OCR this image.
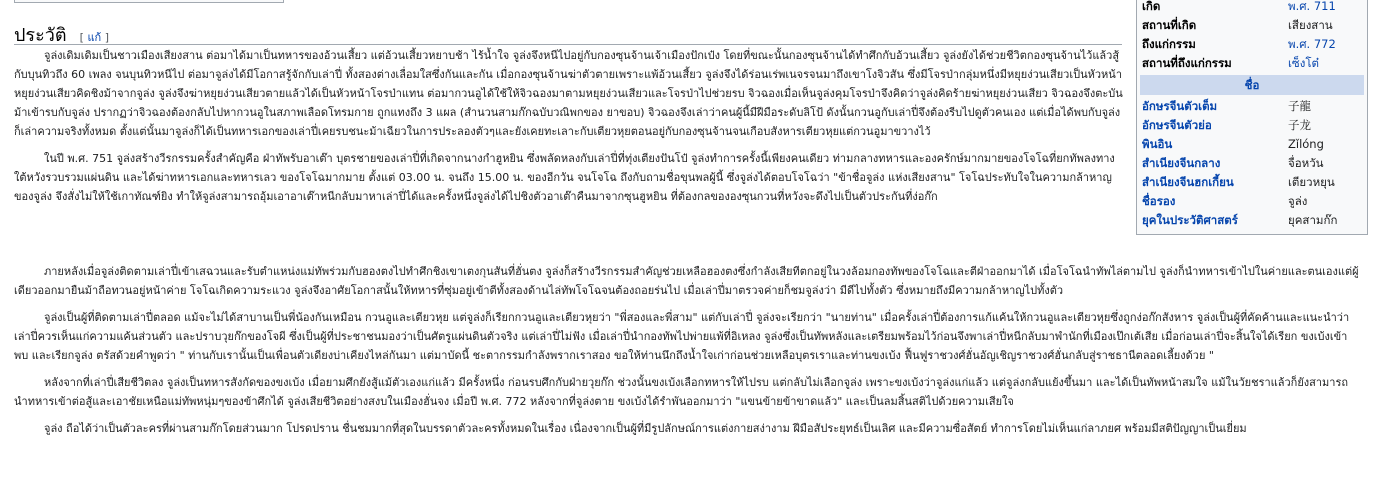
ประวัติ [ แก้ ]
เกิด	พ.ศ. 711
สถานที่เกิด	เสียงสาน
ถึงแก่กรรม	พ.ศ. 772
สถานที่ถึงแก่กรรม	เซ็งโต๋
ชื่อ
อักษรจีนตัวเต็ม	子龍
อักษรจีนตัวย่อ	子龙
พินอิน	Zǐlóng
สำเนียงจีนกลาง	จื่อหวัน
สำเนียงจีนฮกเกี้ยน	เตียวหยุน
ชื่อรอง	จูล่ง
ยุคในประวัติศาสตร์	ยุคสามก๊ก

จูล่งเดิมเดิมเป็นชาวเมืองเสียงสาน ต่อมาได้มาเป็นทหารของอ้วนเสี้ยว แต่อ้วนเสี้ยวหยาบช้า ไร้น้ำใจ จูล่งจึงหนีไปอยู่กับกองซุนจ้านเจ้าเมืองปักเป๋ง โดยที่ขณะนั้นกองซุนจ้านได้ทำศึกกับอ้วนเสี้ยว จูล่งยังได้ช่วยชีวิตกองซุนจ้านไว้แล้วสู้กับบุนทิวถึง 60 เพลง จนบุนทิวหนีไป ต่อมาจูล่งได้มีโอกาสรู้จักกับเล่าปี่ ทั้งสองต่างเลื่อมใสซึ่งกันและกัน เมื่อกองซุนจ้านฆ่าตัวตายเพราะแพ้อ้วนเสี้ยว จูล่งจึงได้ร่อนเร่พเนจรจนมาถึงเขาโงจิวสัน ซึ่งมีโจรป่ากลุ่มหนึ่งมีหยุยง่วนเสียวเป็นหัวหน้า หยุยง่วนเสียวคิดชิงม้าจากจูล่ง จูล่งจึงฆ่าหยุยง่วนเสียวตายแล้วได้เป็นหัวหน้าโจรป่าแทน ต่อมากวนอูได้ใช้ให้จิวฉองมาตามหยุยง่วนเสียวและโจรป่าไปช่วยรบ จิวฉองเมื่อเห็นจูล่งคุมโจรป่าจึงคิดว่าจูล่งคิดร้ายฆ่าหยุยง่วนเสียว จิวฉองจึงตะบันม้าเข้ารบกับจูล่ง ปรากฏว่าจิวฉองต้องกลับไปหากวนอูในสภาพเลือดโทรมกาย ถูกแทงถึง 3 แผล (สำนวนสามก๊กฉบับวณิพกของ ยาขอบ) จิวฉองจึงเล่าว่าคนผู้นี้มีฝีมือระดับลิโป้ ดังนั้นกวนอูกับเล่าปี่จึงต้องรีบไปดูตัวคนเอง แต่เมื่อได้พบกับจูล่งก็เล่าความจริงทั้งหมด ตั้งแต่นั้นมาจูล่งก็ได้เป็นทหารเอกของเล่าปี่เคยรบชนะม้าเฉียวในการประลองตัวๆและยังเคยทะเลาะกับเตียวหุยตอนอยู่กับกองซุนจ้านจนเกือบสังหารเตียวหุยแต่กวนอูมาขวางไว้

ในปี พ.ศ. 751 จูล่งสร้างวีรกรรมครั้งสำคัญคือ ฝ่าทัพรับอาเต๊า บุตรชายของเล่าปี่ที่เกิดจากนางกำฮูหยิน ซึ่งพลัดหลงกับเล่าปี่ที่ทุ่งเตียงปันโป๋ จูล่งทำการครั้งนี้เพียงคนเดียว ท่ามกลางทหารและองครักษ์มากมายของโจโฉที่ยกทัพลงทางใต้หวังรวบรวมแผ่นดิน และได้ฆ่าทหารเอกและทหารเลว ของโจโฉมากมาย ตั้งแต่ 03.00 น. จนถึง 15.00 น. ของอีกวัน จนโจโฉ ถึงกับถามชื่อขุนพลผู้นี้ ซึ่งจูล่งได้ตอบโจโฉว่า "ข้าชื่อจูล่ง แห่งเสียงสาน" โจโฉประทับใจในความกล้าหาญของจูล่ง จึงสั่งไม่ให้ใช้เกาทัณฑ์ยิง ทำให้จูล่งสามารถอุ้มเอาอาเต๊าหนีกลับมาหาเล่าปี่ได้และครั้งหนึ่งจูล่งได้ไปชิงตัวอาเต๊าคืนมาจากซุนฮูหยิน ที่ต้องกลขององซุนกวนที่หวังจะดึงไปเป็นตัวประกันที่ง่อก๊ก

ภายหลังเมื่อจูล่งติดตามเล่าปี่เข้าเสฉวนและรับตำแหน่งแม่ทัพร่วมกับฮองตงไปทำศึกชิงเขาเตงกุนสันที่ฮั่นตง จูล่งก็สร้างวีรกรรมสำคัญช่วยเหลือฮองตงซึ่งกำลังเสียทีตกอยู่ในวงล้อมกองทัพของโจโฉและตีฝ่าออกมาได้ เมื่อโจโฉนำทัพไล่ตามไป จูล่งก็นำทหารเข้าไปในค่ายและตนเองแต่ผู้เดียวออกมายืนม้าถือทวนอยู่หน้าค่าย โจโฉเกิดความระแวง จูล่งจึงอาศัยโอกาสนั้นให้ทหารที่ซุ่มอยู่เข้าตีทั้งสองด้านไล่ทัพโจโฉจนต้องถอยร่นไป เมื่อเล่าปี่มาตรวจค่ายก็ชมจูล่งว่า มีดีไปทั้งตัว ซึ่งหมายถึงมีความกล้าหาญไปทั้งตัว

จูล่งเป็นผู้ที่ติดตามเล่าปี่ตลอด แม้จะไม่ได้สาบานเป็นพี่น้องกันเหมือน กวนอูและเตียวหุย แต่จูล่งก็เรียกกวนอูและเตียวหุยว่า "พี่สองและพี่สาม" แต่กับเล่าปี่ จูล่งจะเรียกว่า "นายท่าน" เมื่อครั้งเล่าปี่ต้องการแก้แค้นให้กวนอูและเตียวหุยซึ่งถูกง่อก๊กสังหาร จูล่งเป็นผู้ที่คัดค้านและแนะนำว่าเล่าปี่ควรเห็นแก่ความแค้นส่วนตัว และปราบวุยก๊กของโจผี ซึ่งเป็นผู้ที่ประชาชนมองว่าเป็นศัตรูแผ่นดินตัวจริง แต่เล่าปี่ไม่ฟัง เมื่อเล่าปี่นำกองทัพไปพ่ายแพ้ที่อิเหลง จูล่งซึ่งเป็นทัพหลังและเตรียมพร้อมไว้ก่อนจึงพาเล่าปี่หนีกลับมาพำนักที่เมืองเป๊กเต้เสีย เมื่อก่อนเล่าปี่จะสิ้นใจได้เรียก ขงเบ้งเข้าพบ และเรียกจูล่ง ตรัสด้วยคำพูดว่า " ท่านกับเรานั้นเป็นเพื่อนตัวเดียงบ่าเคียงไหล่กันมา แต่มาบัดนี้ ชะตากรรมกำลังพรากเราสอง ขอให้ท่านนึกถึงน้ำใจเก่าก่อนช่วยเหลือบุตรเราและท่านขงเบ้ง ฟื้นฟูราชวงศ์ฮั่นอัญเชิญราชวงศ์ฮั่นกลับสู่ราชธานีตลอดเลี้ยงด้วย "

หลังจากที่เล่าปี่เสียชีวิตลง จูล่งเป็นทหารสังกัดของขงเบ้ง เมื่อยามศึกยังสู้แม้ตัวเองแก่แล้ว มีครั้งหนึ่ง ก่อนรบศึกกับฝ่ายวุยก๊ก ช่วงนั้นขงเบ้งเลือกทหารให้ไปรบ แต่กลับไม่เลือกจูล่ง เพราะขงเบ้งว่าจูล่งแก่แล้ว แต่จูล่งกลับแย้งขึ้นมา และได้เป็นทัพหน้าสมใจ แม้ในวัยชราแล้วก็ยังสามารถนำทหารเข้าต่อสู้และเอาชัยเหนือแม่ทัพหนุ่มๆของข้าศึกได้ จูล่งเสียชีวิตอย่างสงบในเมืองฮั่นจง เมื่อปี พ.ศ. 772 หลังจากที่จูล่งตาย ขงเบ้งได้รำพันออกมาว่า "แขนข้ายข้าขาดแล้ว" และเป็นลมสิ้นสติไปด้วยความเสียใจ

จูล่ง ถือได้ว่าเป็นตัวละครที่ผ่านสามก๊กโดยส่วนมาก โปรดปราน ชื่นชมมากที่สุดในบรรดาตัวละครทั้งหมดในเรื่อง เนื่องจากเป็นผู้ที่มีรูปลักษณ์การแต่งกายสง่างาม ฝีมือสัประยุทธ์เป็นเลิศ และมีความซื่อสัตย์ ทำการโดยไม่เห็นแก่ลาภยศ พร้อมมีสติปัญญาเป็นเยี่ยม
